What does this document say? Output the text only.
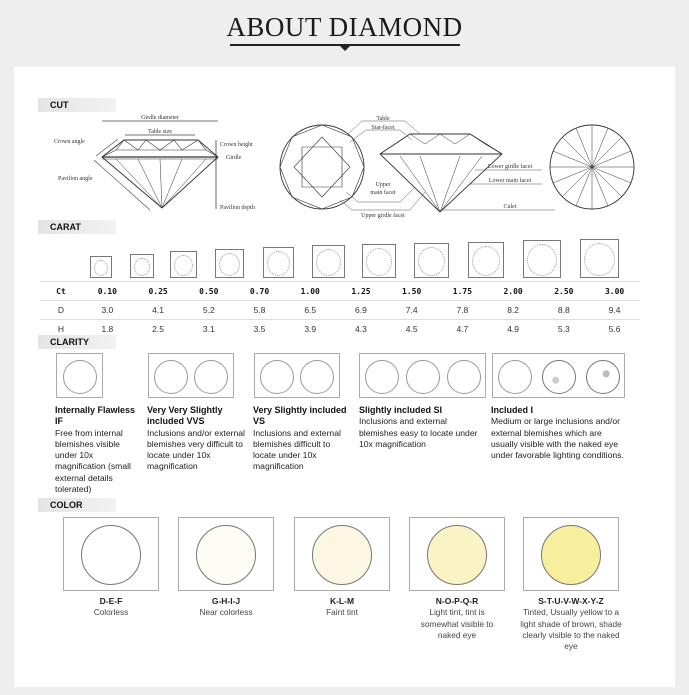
ABOUT DIAMOND
CUT
Girdle diameter
Table size
Crown angle
Pavilion angle
Crown height
Girdle
Pavilion depth
Table
Star-facet
Upper
main facet
Upper girdle facet
Lower girdle facet
Lower main facet
Culet
CARAT
Ct	0.10	0.25	0.50	0.70	1.00	1.25	1.50	1.75	2.00	2.50	3.00
D	3.0	4.1	5.2	5.8	6.5	6.9	7.4	7.8	8.2	8.8	9.4
H	1.8	2.5	3.1	3.5	3.9	4.3	4.5	4.7	4.9	5.3	5.6
CLARITY
Internally Flawless IF
Free from internal blemishes visible under 10x magnification (small external details tolerated)
Very Very Slightly included VVS
Inclusions and/or external blemishes very difficult to locate under 10x magnification
Very Slightly included VS
Inclusions and external blemishes difficult to locate under 10x magnification
Slightly included SI
Inclusions and external blemishes easy to locate under 10x magnification
Included I
Medium or large inclusions and/or external blemishes which are usually visible with the naked eye under favorable lighting conditions.
COLOR
D-E-F
Colorless
G-H-I-J
Near colorless
K-L-M
Faint tint
N-O-P-Q-R
Light tint, tint is somewhat visible to naked eye
S-T-U-V-W-X-Y-Z
Tinted, Usually yellow to a light shade of brown, shade clearly visible to the naked eye
